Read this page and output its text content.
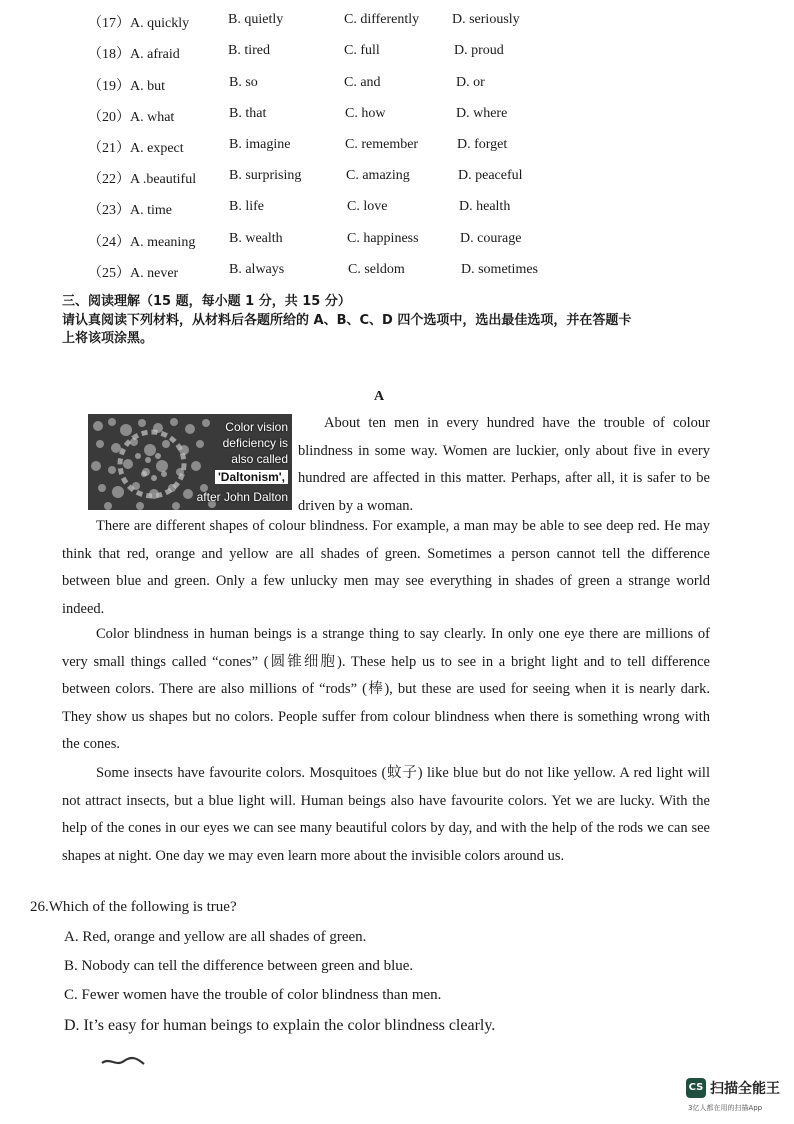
（17）A. quickly	B. quietly	C. differently D. seriously
（18）A. afraid	B. tired	C. full	D. proud
（19）A. but	B. so	C. and	D. or
（20）A. what	B. that	C. how	D. where
（21）A. expect	B. imagine	C. remember	D. forget
（22）A .beautiful B. surprising	C. amazing	D. peaceful
（23）A. time	B. life	C. love	D. health
（24）A. meaning B. wealth	C. happiness	D. courage
（25）A. never	B. always	C. seldom	D. sometimes
三、阅读理解（15 题，每小题 1 分，共 15 分）
请认真阅读下列材料，从材料后各题所给的 A、B、C、D 四个选项中，选出最佳选项，并在答题卡
上将该项涂黑。
A
Color vision
deficiency is
also called
'Daltonism',
after John Dalton
About ten men in every hundred have the trouble of colour blindness in some way. Women are luckier, only about five in every hundred are affected in this matter. Perhaps, after all, it is safer to be driven by a woman.
There are different shapes of colour blindness. For example, a man may be able to see deep red. He may think that red, orange and yellow are all shades of green. Sometimes a person cannot tell the difference between blue and green. Only a few unlucky men may see everything in shades of green a strange world indeed.
Color blindness in human beings is a strange thing to say clearly. In only one eye there are millions of very small things called “cones” (圆锥细胞). These help us to see in a bright light and to tell difference between colors. There are also millions of “rods” (棒), but these are used for seeing when it is nearly dark. They show us shapes but no colors. People suffer from colour blindness when there is something wrong with the cones.
Some insects have favourite colors. Mosquitoes (蚊子) like blue but do not like yellow. A red light will not attract insects, but a blue light will. Human beings also have favourite colors. Yet we are lucky. With the help of the cones in our eyes we can see many beautiful colors by day, and with the help of the rods we can see shapes at night. One day we may even learn more about the invisible colors around us.
26.Which of the following is true?
A. Red, orange and yellow are all shades of green.
B. Nobody can tell the difference between green and blue.
C. Fewer women have the trouble of color blindness than men.
D. It’s easy for human beings to explain the color blindness clearly.
CS 扫描全能王
3亿人都在用的扫描App
